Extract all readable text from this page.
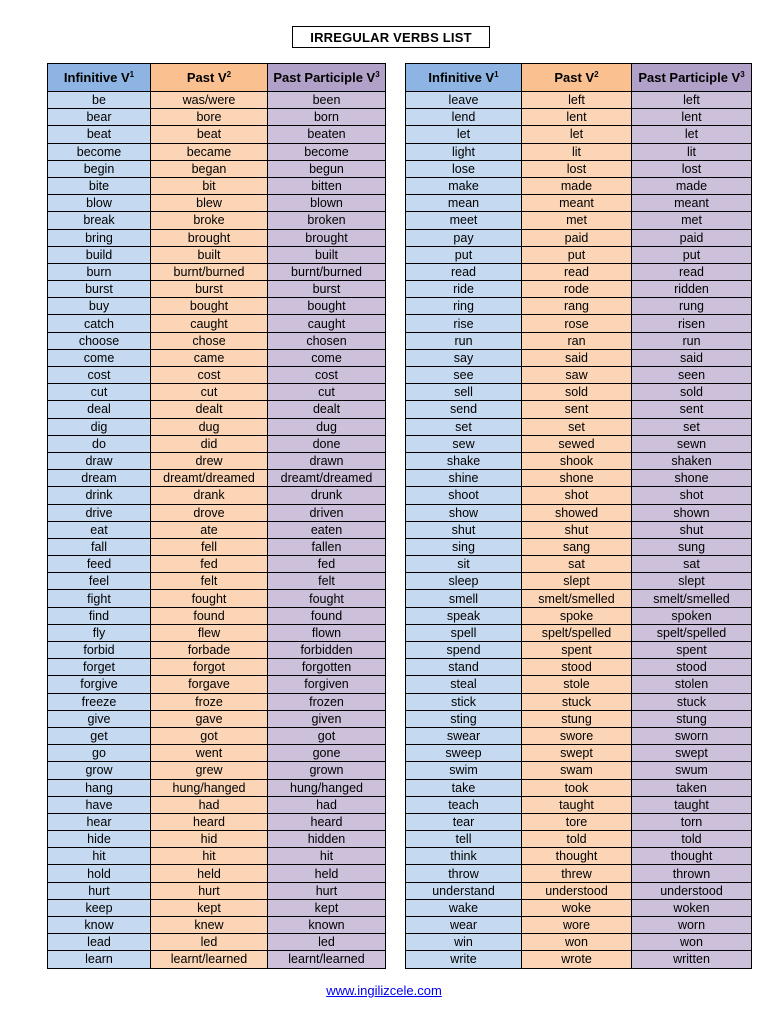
IRREGULAR VERBS LIST
Infinitive $V^1$	Past $V^2$	Past Participle $V^3$
be	was/were	been
bear	bore	born
beat	beat	beaten
become	became	become
begin	began	begun
bite	bit	bitten
blow	blew	blown
break	broke	broken
bring	brought	brought
build	built	built
burn	burnt/burned	burnt/burned
burst	burst	burst
buy	bought	bought
catch	caught	caught
choose	chose	chosen
come	came	come
cost	cost	cost
cut	cut	cut
deal	dealt	dealt
dig	dug	dug
do	did	done
draw	drew	drawn
dream	dreamt/dreamed	dreamt/dreamed
drink	drank	drunk
drive	drove	driven
eat	ate	eaten
fall	fell	fallen
feed	fed	fed
feel	felt	felt
fight	fought	fought
find	found	found
fly	flew	flown
forbid	forbade	forbidden
forget	forgot	forgotten
forgive	forgave	forgiven
freeze	froze	frozen
give	gave	given
get	got	got
go	went	gone
grow	grew	grown
hang	hung/hanged	hung/hanged
have	had	had
hear	heard	heard
hide	hid	hidden
hit	hit	hit
hold	held	held
hurt	hurt	hurt
keep	kept	kept
know	knew	known
lead	led	led
learn	learnt/learned	learnt/learned
Infinitive $V^1$	Past $V^2$	Past Participle $V^3$
leave	left	left
lend	lent	lent
let	let	let
light	lit	lit
lose	lost	lost
make	made	made
mean	meant	meant
meet	met	met
pay	paid	paid
put	put	put
read	read	read
ride	rode	ridden
ring	rang	rung
rise	rose	risen
run	ran	run
say	said	said
see	saw	seen
sell	sold	sold
send	sent	sent
set	set	set
sew	sewed	sewn
shake	shook	shaken
shine	shone	shone
shoot	shot	shot
show	showed	shown
shut	shut	shut
sing	sang	sung
sit	sat	sat
sleep	slept	slept
smell	smelt/smelled	smelt/smelled
speak	spoke	spoken
spell	spelt/spelled	spelt/spelled
spend	spent	spent
stand	stood	stood
steal	stole	stolen
stick	stuck	stuck
sting	stung	stung
swear	swore	sworn
sweep	swept	swept
swim	swam	swum
take	took	taken
teach	taught	taught
tear	tore	torn
tell	told	told
think	thought	thought
throw	threw	thrown
understand	understood	understood
wake	woke	woken
wear	wore	worn
win	won	won
write	wrote	written
www.ingilizcele.com
